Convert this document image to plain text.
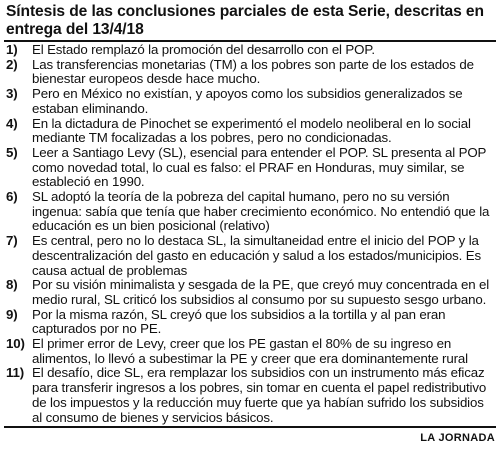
Síntesis de las conclusiones parciales de esta Serie, descritas en entrega del 13/4/18
1) El Estado remplazó la promoción del desarrollo con el POP.
2) Las transferencias monetarias (TM) a los pobres son parte de los estados de bienestar europeos desde hace mucho.
3) Pero en México no existían, y apoyos como los subsidios generalizados se estaban eliminando.
4) En la dictadura de Pinochet se experimentó el modelo neoliberal en lo social mediante TM focalizadas a los pobres, pero no condicionadas.
5) Leer a Santiago Levy (SL), esencial para entender el POP. SL presenta al POP como novedad total, lo cual es falso: el PRAF en Honduras, muy similar, se estableció en 1990.
6) SL adoptó la teoría de la pobreza del capital humano, pero no su versión ingenua: sabía que tenía que haber crecimiento económico. No entendió que la educación es un bien posicional (relativo)
7) Es central, pero no lo destaca SL, la simultaneidad entre el inicio del POP y la descentralización del gasto en educación y salud a los estados/municipios. Es causa actual de problemas
8) Por su visión minimalista y sesgada de la PE, que creyó muy concentrada en el medio rural, SL criticó los subsidios al consumo por su supuesto sesgo urbano.
9) Por la misma razón, SL creyó que los subsidios a la tortilla y al pan eran capturados por no PE.
10) El primer error de Levy, creer que los PE gastan el 80% de su ingreso en alimentos, lo llevó a subestimar la PE y creer que era dominantemente rural
11) El desafío, dice SL, era remplazar los subsidios con un instrumento más eficaz para transferir ingresos a los pobres, sin tomar en cuenta el papel redistributivo de los impuestos y la reducción muy fuerte que ya habían sufrido los subsidios al consumo de bienes y servicios básicos.
LA JORNADA
